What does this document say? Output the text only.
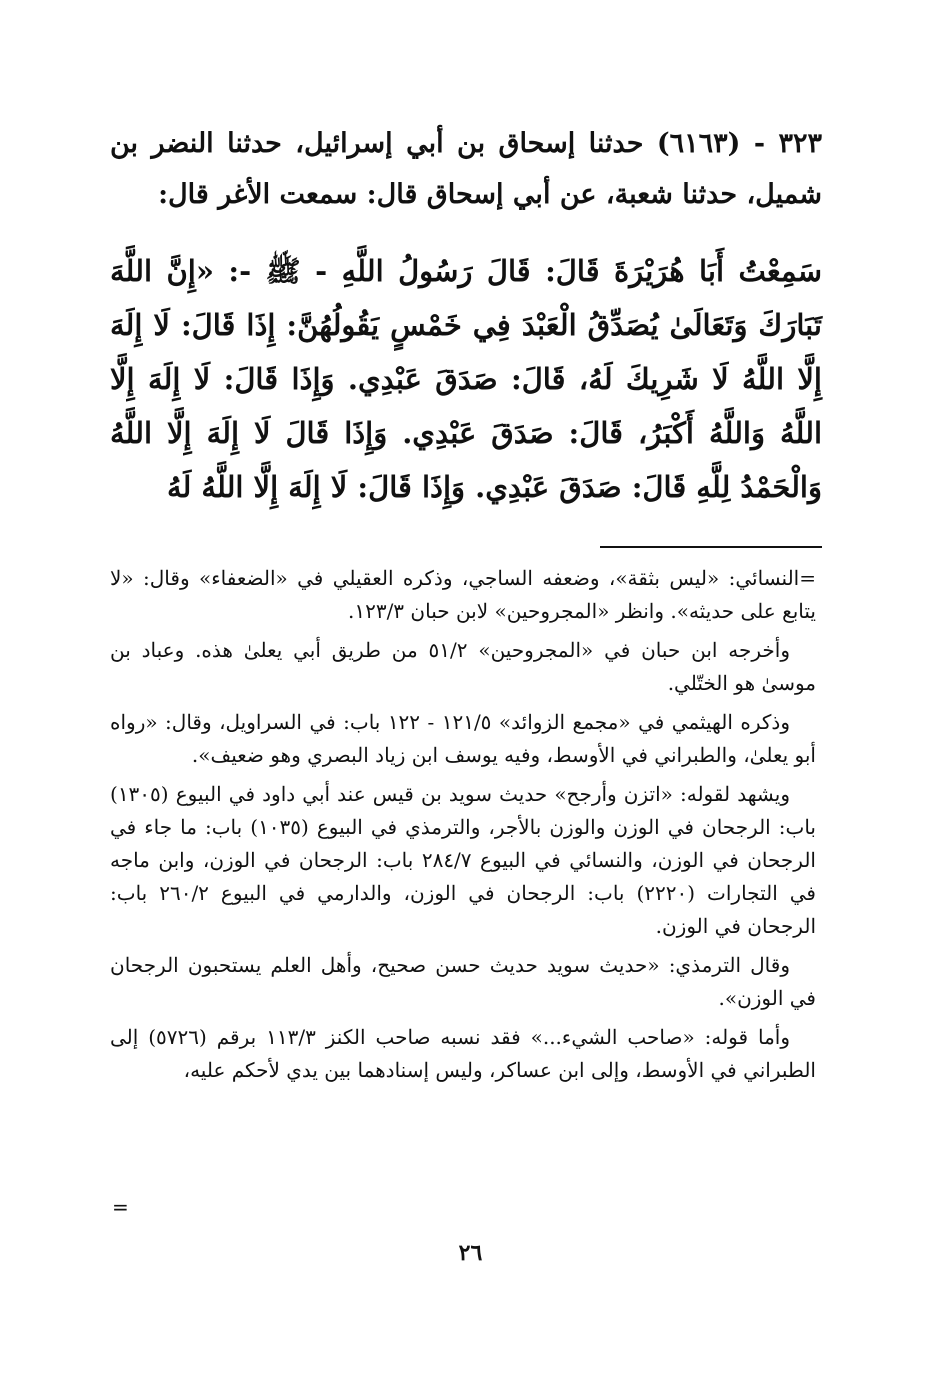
٣٢٣ - (٦١٦٣) حدثنا إسحاق بن أبي إسرائيل، حدثنا النضر بن شميل، حدثنا شعبة، عن أبي إسحاق قال: سمعت الأغر قال:

سَمِعْتُ أَبَا هُرَيْرَةَ قَالَ: قَالَ رَسُولُ اللَّهِ - ﷺ -: «إِنَّ اللَّهَ تَبَارَكَ وَتَعَالَىٰ يُصَدِّقُ الْعَبْدَ فِي خَمْسٍ يَقُولُهُنَّ: إِذَا قَالَ: لَا إِلَهَ إِلَّا اللَّهُ لَا شَرِيكَ لَهُ، قَالَ: صَدَقَ عَبْدِي. وَإِذَا قَالَ: لَا إِلَهَ إِلَّا اللَّهُ وَاللَّهُ أَكْبَرُ، قَالَ: صَدَقَ عَبْدِي. وَإِذَا قَالَ لَا إِلَهَ إِلَّا اللَّهُ وَالْحَمْدُ لِلَّهِ قَالَ: صَدَقَ عَبْدِي. وَإِذَا قَالَ: لَا إِلَهَ إِلَّا اللَّهُ لَهُ

=النسائي: «ليس بثقة»، وضعفه الساجي، وذكره العقيلي في «الضعفاء» وقال: «لا يتابع على حديثه». وانظر «المجروحين» لابن حبان ١٢٣/٣.

وأخرجه ابن حبان في «المجروحين» ٥١/٢ من طريق أبي يعلىٰ هذه. وعباد بن موسىٰ هو الختّلي.

وذكره الهيثمي في «مجمع الزوائد» ١٢١/٥ - ١٢٢ باب: في السراويل، وقال: «رواه أبو يعلىٰ، والطبراني في الأوسط، وفيه يوسف ابن زياد البصري وهو ضعيف».

ويشهد لقوله: «اتزن وأرجح» حديث سويد بن قيس عند أبي داود في البيوع (١٣٠٥) باب: الرجحان في الوزن والوزن بالأجر، والترمذي في البيوع (١٠٣٥) باب: ما جاء في الرجحان في الوزن، والنسائي في البيوع ٢٨٤/٧ باب: الرجحان في الوزن، وابن ماجه في التجارات (٢٢٢٠) باب: الرجحان في الوزن، والدارمي في البيوع ٢٦٠/٢ باب: الرجحان في الوزن.

وقال الترمذي: «حديث سويد حديث حسن صحيح، وأهل العلم يستحبون الرجحان في الوزن».

وأما قوله: «صاحب الشيء...» فقد نسبه صاحب الكنز ١١٣/٣ برقم (٥٧٢٦) إلى الطبراني في الأوسط، وإلى ابن عساكر، وليس إسنادهما بين يدي لأحكم عليه،

=
٢٦
